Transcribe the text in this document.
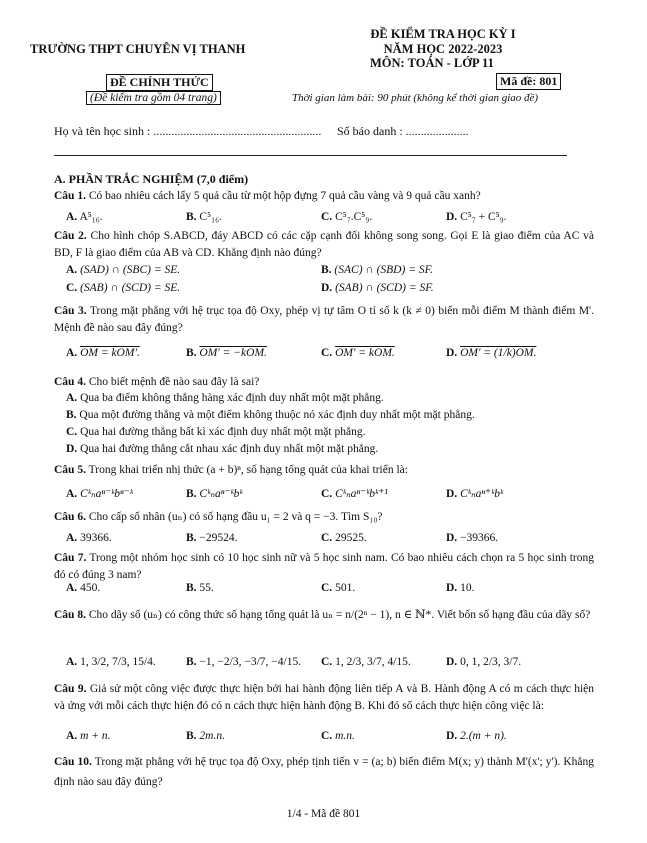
TRƯỜNG THPT CHUYÊN VỊ THANH
ĐỀ KIỂM TRA HỌC KỲ I
NĂM HỌC 2022-2023
MÔN: TOÁN - LỚP 11
ĐỀ CHÍNH THỨC
(Đề kiểm tra gồm 04 trang)
Mã đề: 801
Thời gian làm bài: 90 phút (không kể thời gian giao đề)
Họ và tên học sinh : ........................................................ Số báo danh : .....................
A. PHẦN TRẮC NGHIỆM (7,0 điểm)
Câu 1. Có bao nhiêu cách lấy 5 quả cầu từ một hộp đựng 7 quả cầu vàng và 9 quả cầu xanh?
A. A⁵₁₆.	B. C⁵₁₆.	C. C⁵₇.C⁵₉.	D. C⁵₇ + C⁵₉.
Câu 2. Cho hình chóp S.ABCD, đáy ABCD có các cặp cạnh đối không song song. Gọi E là giao điểm của AC và BD, F là giao điểm của AB và CD. Khẳng định nào đúng?
A. (SAD) ∩ (SBC) = SE.	B. (SAC) ∩ (SBD) = SF.
C. (SAB) ∩ (SCD) = SE.	D. (SAB) ∩ (SCD) = SF.
Câu 3. Trong mặt phẳng với hệ trục tọa độ Oxy, phép vị tự tâm O tỉ số k (k ≠ 0) biến mỗi điểm M thành điểm M'. Mệnh đề nào sau đây đúng?
A. OM = kOM'.	B. OM' = −kOM.	C. OM' = kOM.	D. OM' = (1/k)OM.
Câu 4. Cho biết mệnh đề nào sau đây là sai?
A. Qua ba điểm không thẳng hàng xác định duy nhất một mặt phẳng.
B. Qua một đường thẳng và một điểm không thuộc nó xác định duy nhất một mặt phẳng.
C. Qua hai đường thẳng bất kì xác định duy nhất một mặt phẳng.
D. Qua hai đường thẳng cắt nhau xác định duy nhất một mặt phẳng.
Câu 5. Trong khai triển nhị thức (a + b)ⁿ, số hạng tổng quát của khai triển là:
A. Cᵏₙaⁿ⁻ᵏbⁿ⁻ᵏ	B. Cᵏₙaⁿ⁻ᵏbᵏ	C. Cᵏₙaⁿ⁻ᵏbᵏ⁺¹	D. Cᵏₙaⁿ⁺ᵏbᵏ
Câu 6. Cho cấp số nhân (uₙ) có số hạng đầu u₁ = 2 và q = −3. Tìm S₁₀?
A. 39366.	B. −29524.	C. 29525.	D. −39366.
Câu 7. Trong một nhóm học sinh có 10 học sinh nữ và 5 học sinh nam. Có bao nhiêu cách chọn ra 5 học sinh trong đó có đúng 3 nam?
A. 450.	B. 55.	C. 501.	D. 10.
Câu 8. Cho dãy số (uₙ) có công thức số hạng tổng quát là uₙ = n/(2ⁿ − 1), n ∈ ℕ*. Viết bốn số hạng đầu của dãy số?
A. 1, 3/2, 7/3, 15/4.	B. −1, −2/3, −3/7, −4/15. C. 1, 2/3, 3/7, 4/15.	D. 0, 1, 2/3, 3/7.
Câu 9. Giả sử một công việc được thực hiện bởi hai hành động liên tiếp A và B. Hành động A có m cách thực hiện và ứng với mỗi cách thực hiện đó có n cách thực hiện hành động B. Khi đó số cách thực hiện công việc là:
A. m + n.	B. 2m.n.	C. m.n.	D. 2.(m + n).
Câu 10. Trong mặt phẳng với hệ trục tọa độ Oxy, phép tịnh tiến v = (a; b) biến điểm M(x; y) thành M'(x'; y'). Khẳng định nào sau đây đúng?
1/4 - Mã đề 801
